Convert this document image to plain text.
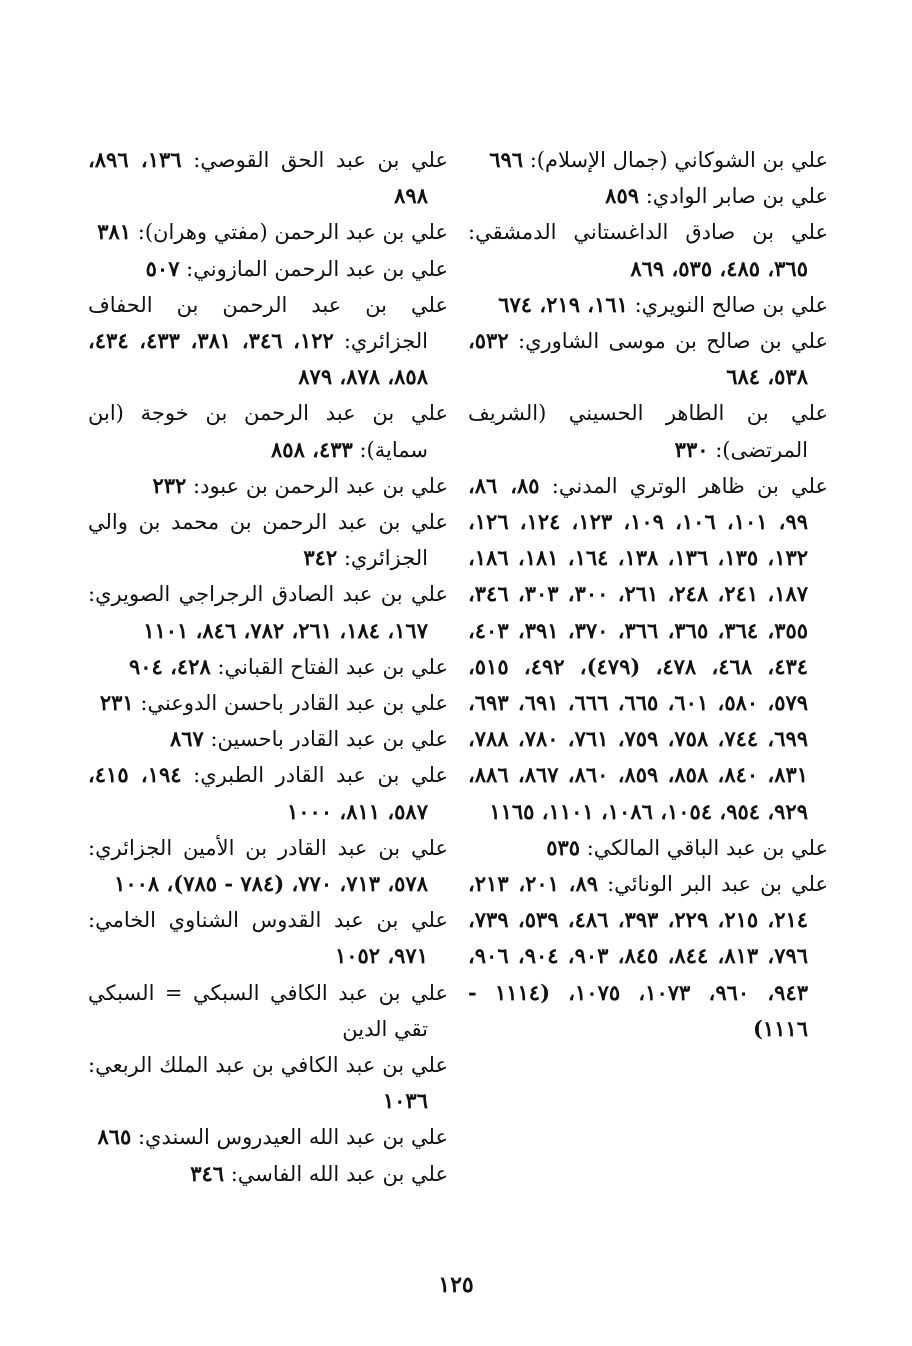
علي بن الشوكاني (جمال الإسلام): ٦٩٦
علي بن صابر الوادي: ٨٥٩
علي بن صادق الداغستاني الدمشقي: ٣٦٥، ٤٨٥، ٥٣٥، ٨٦٩
علي بن صالح النويري: ١٦١، ٢١٩، ٦٧٤
علي بن صالح بن موسى الشاوري: ٥٣٢، ٥٣٨، ٦٨٤
علي بن الطاهر الحسيني (الشريف المرتضى): ٣٣٠
علي بن ظاهر الوتري المدني: ٨٥، ٨٦، ٩٩، ١٠١، ١٠٦، ١٠٩، ١٢٣، ١٢٤، ١٢٦، ١٣٢، ١٣٥، ١٣٦، ١٣٨، ١٦٤، ١٨١، ١٨٦، ١٨٧، ٢٤١، ٢٤٨، ٢٦١، ٣٠٠، ٣٠٣، ٣٤٦، ٣٥٥، ٣٦٤، ٣٦٥، ٣٦٦، ٣٧٠، ٣٩١، ٤٠٣، ٤٣٤، ٤٦٨، ٤٧٨، (٤٧٩)، ٤٩٢، ٥١٥، ٥٧٩، ٥٨٠، ٦٠١، ٦٦٥، ٦٦٦، ٦٩١، ٦٩٣، ٦٩٩، ٧٤٤، ٧٥٨، ٧٥٩، ٧٦١، ٧٨٠، ٧٨٨، ٨٣١، ٨٤٠، ٨٥٨، ٨٥٩، ٨٦٠، ٨٦٧، ٨٨٦، ٩٢٩، ٩٥٤، ١٠٥٤، ١٠٨٦، ١١٠١، ١١٦٥
علي بن عبد الباقي المالكي: ٥٣٥
علي بن عبد البر الونائي: ٨٩، ٢٠١، ٢١٣، ٢١٤، ٢١٥، ٢٢٩، ٣٩٣، ٤٨٦، ٥٣٩، ٧٣٩، ٧٩٦، ٨١٣، ٨٤٤، ٨٤٥، ٩٠٣، ٩٠٤، ٩٠٦، ٩٤٣، ٩٦٠، ١٠٧٣، ١٠٧٥، (١١١٤ - ١١١٦)
علي بن عبد الحق القوصي: ١٣٦، ٨٩٦، ٨٩٨
علي بن عبد الرحمن (مفتي وهران): ٣٨١
علي بن عبد الرحمن المازوني: ٥٠٧
علي بن عبد الرحمن بن الحفاف الجزائري: ١٢٢، ٣٤٦، ٣٨١، ٤٣٣، ٤٣٤، ٨٥٨، ٨٧٨، ٨٧٩
علي بن عبد الرحمن بن خوجة (ابن سماية): ٤٣٣، ٨٥٨
علي بن عبد الرحمن بن عبود: ٢٣٢
علي بن عبد الرحمن بن محمد بن والي الجزائري: ٣٤٢
علي بن عبد الصادق الرجراجي الصويري: ١٦٧، ١٨٤، ٢٦١، ٧٨٢، ٨٤٦، ١١٠١
علي بن عبد الفتاح القباني: ٤٢٨، ٩٠٤
علي بن عبد القادر باحسن الدوعني: ٢٣١
علي بن عبد القادر باحسين: ٨٦٧
علي بن عبد القادر الطبري: ١٩٤، ٤١٥، ٥٨٧، ٨١١، ١٠٠٠
علي بن عبد القادر بن الأمين الجزائري: ٥٧٨، ٧١٣، ٧٧٠، (٧٨٤ - ٧٨٥)، ١٠٠٨
علي بن عبد القدوس الشناوي الخامي: ٩٧١، ١٠٥٢
علي بن عبد الكافي السبكي = السبكي تقي الدين
علي بن عبد الكافي بن عبد الملك الربعي: ١٠٣٦
علي بن عبد الله العيدروس السندي: ٨٦٥
علي بن عبد الله الفاسي: ٣٤٦
١٢٥
